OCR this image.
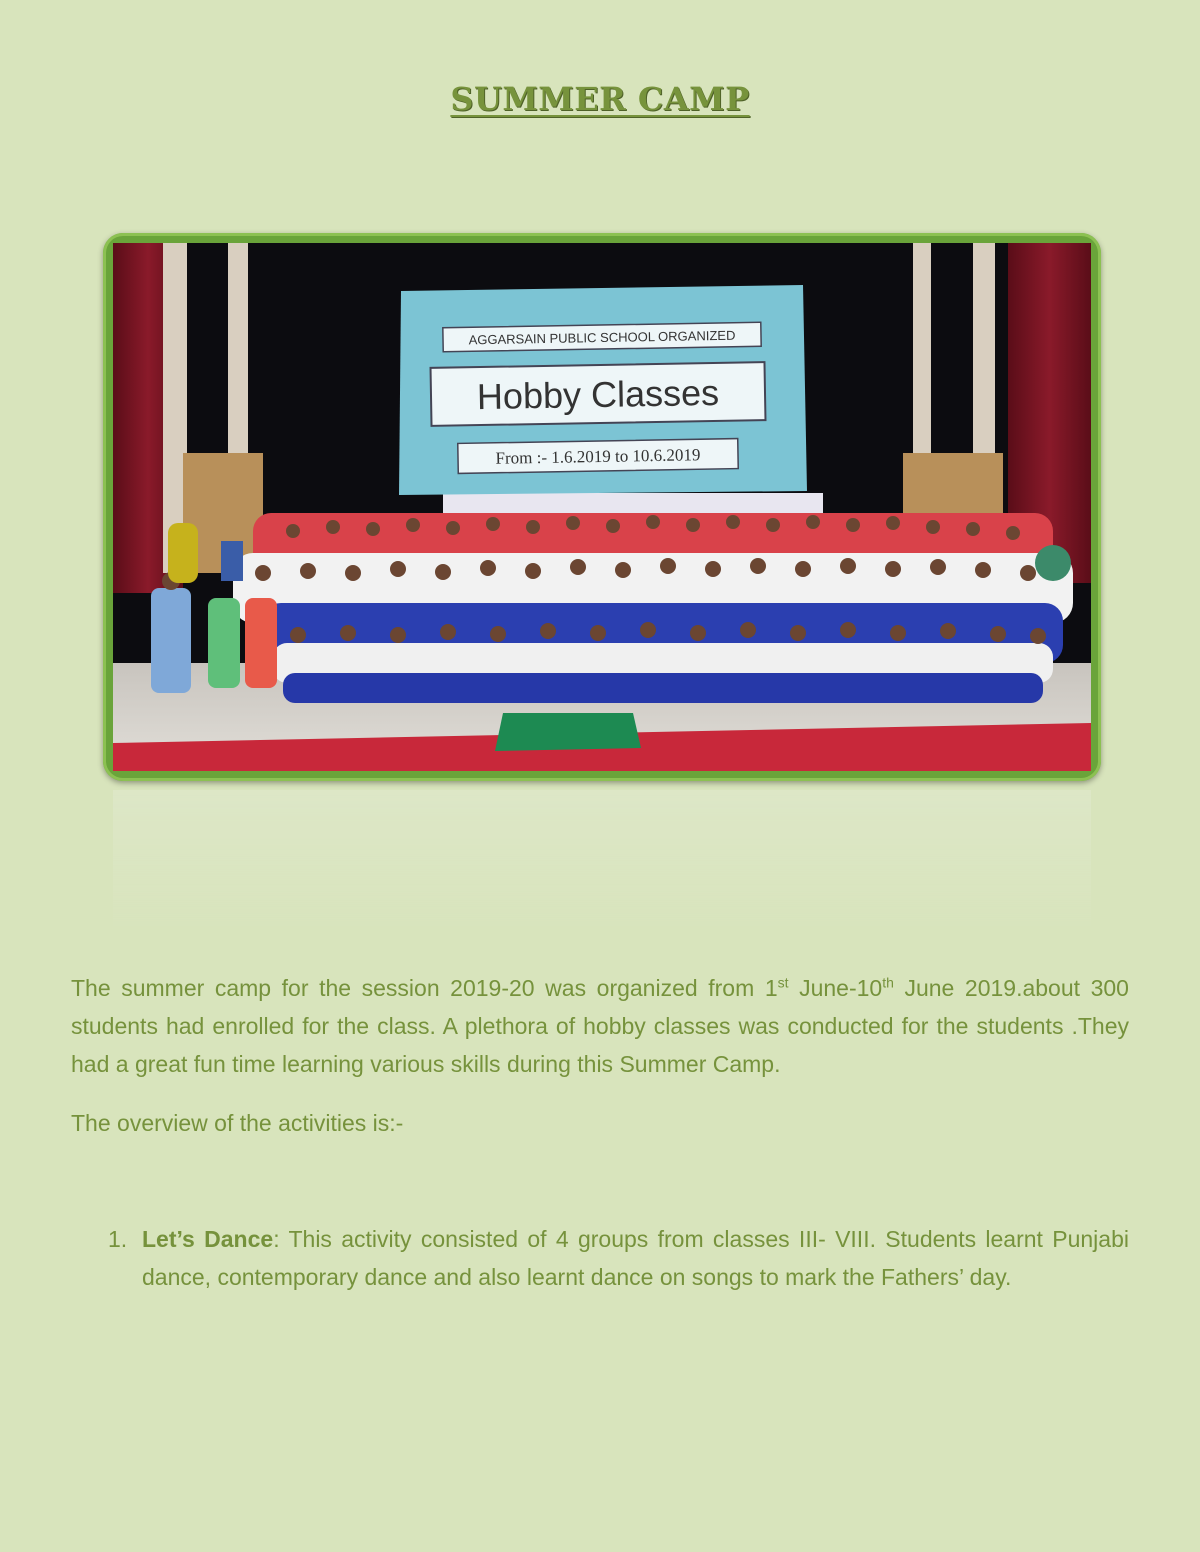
SUMMER CAMP
AGGARSAIN PUBLIC SCHOOL ORGANIZED
Hobby Classes
From :- 1.6.2019 to 10.6.2019

The summer camp for the session 2019-20 was organized from 1st June-10th June 2019.about 300 students had enrolled for the class. A plethora of hobby classes was conducted for the students .They had a great fun time learning various skills during this Summer Camp.

The overview of the activities is:-

1. Let’s Dance: This activity consisted of 4 groups from classes III- VIII. Students learnt Punjabi dance, contemporary dance and also learnt dance on songs to mark the Fathers’ day.
